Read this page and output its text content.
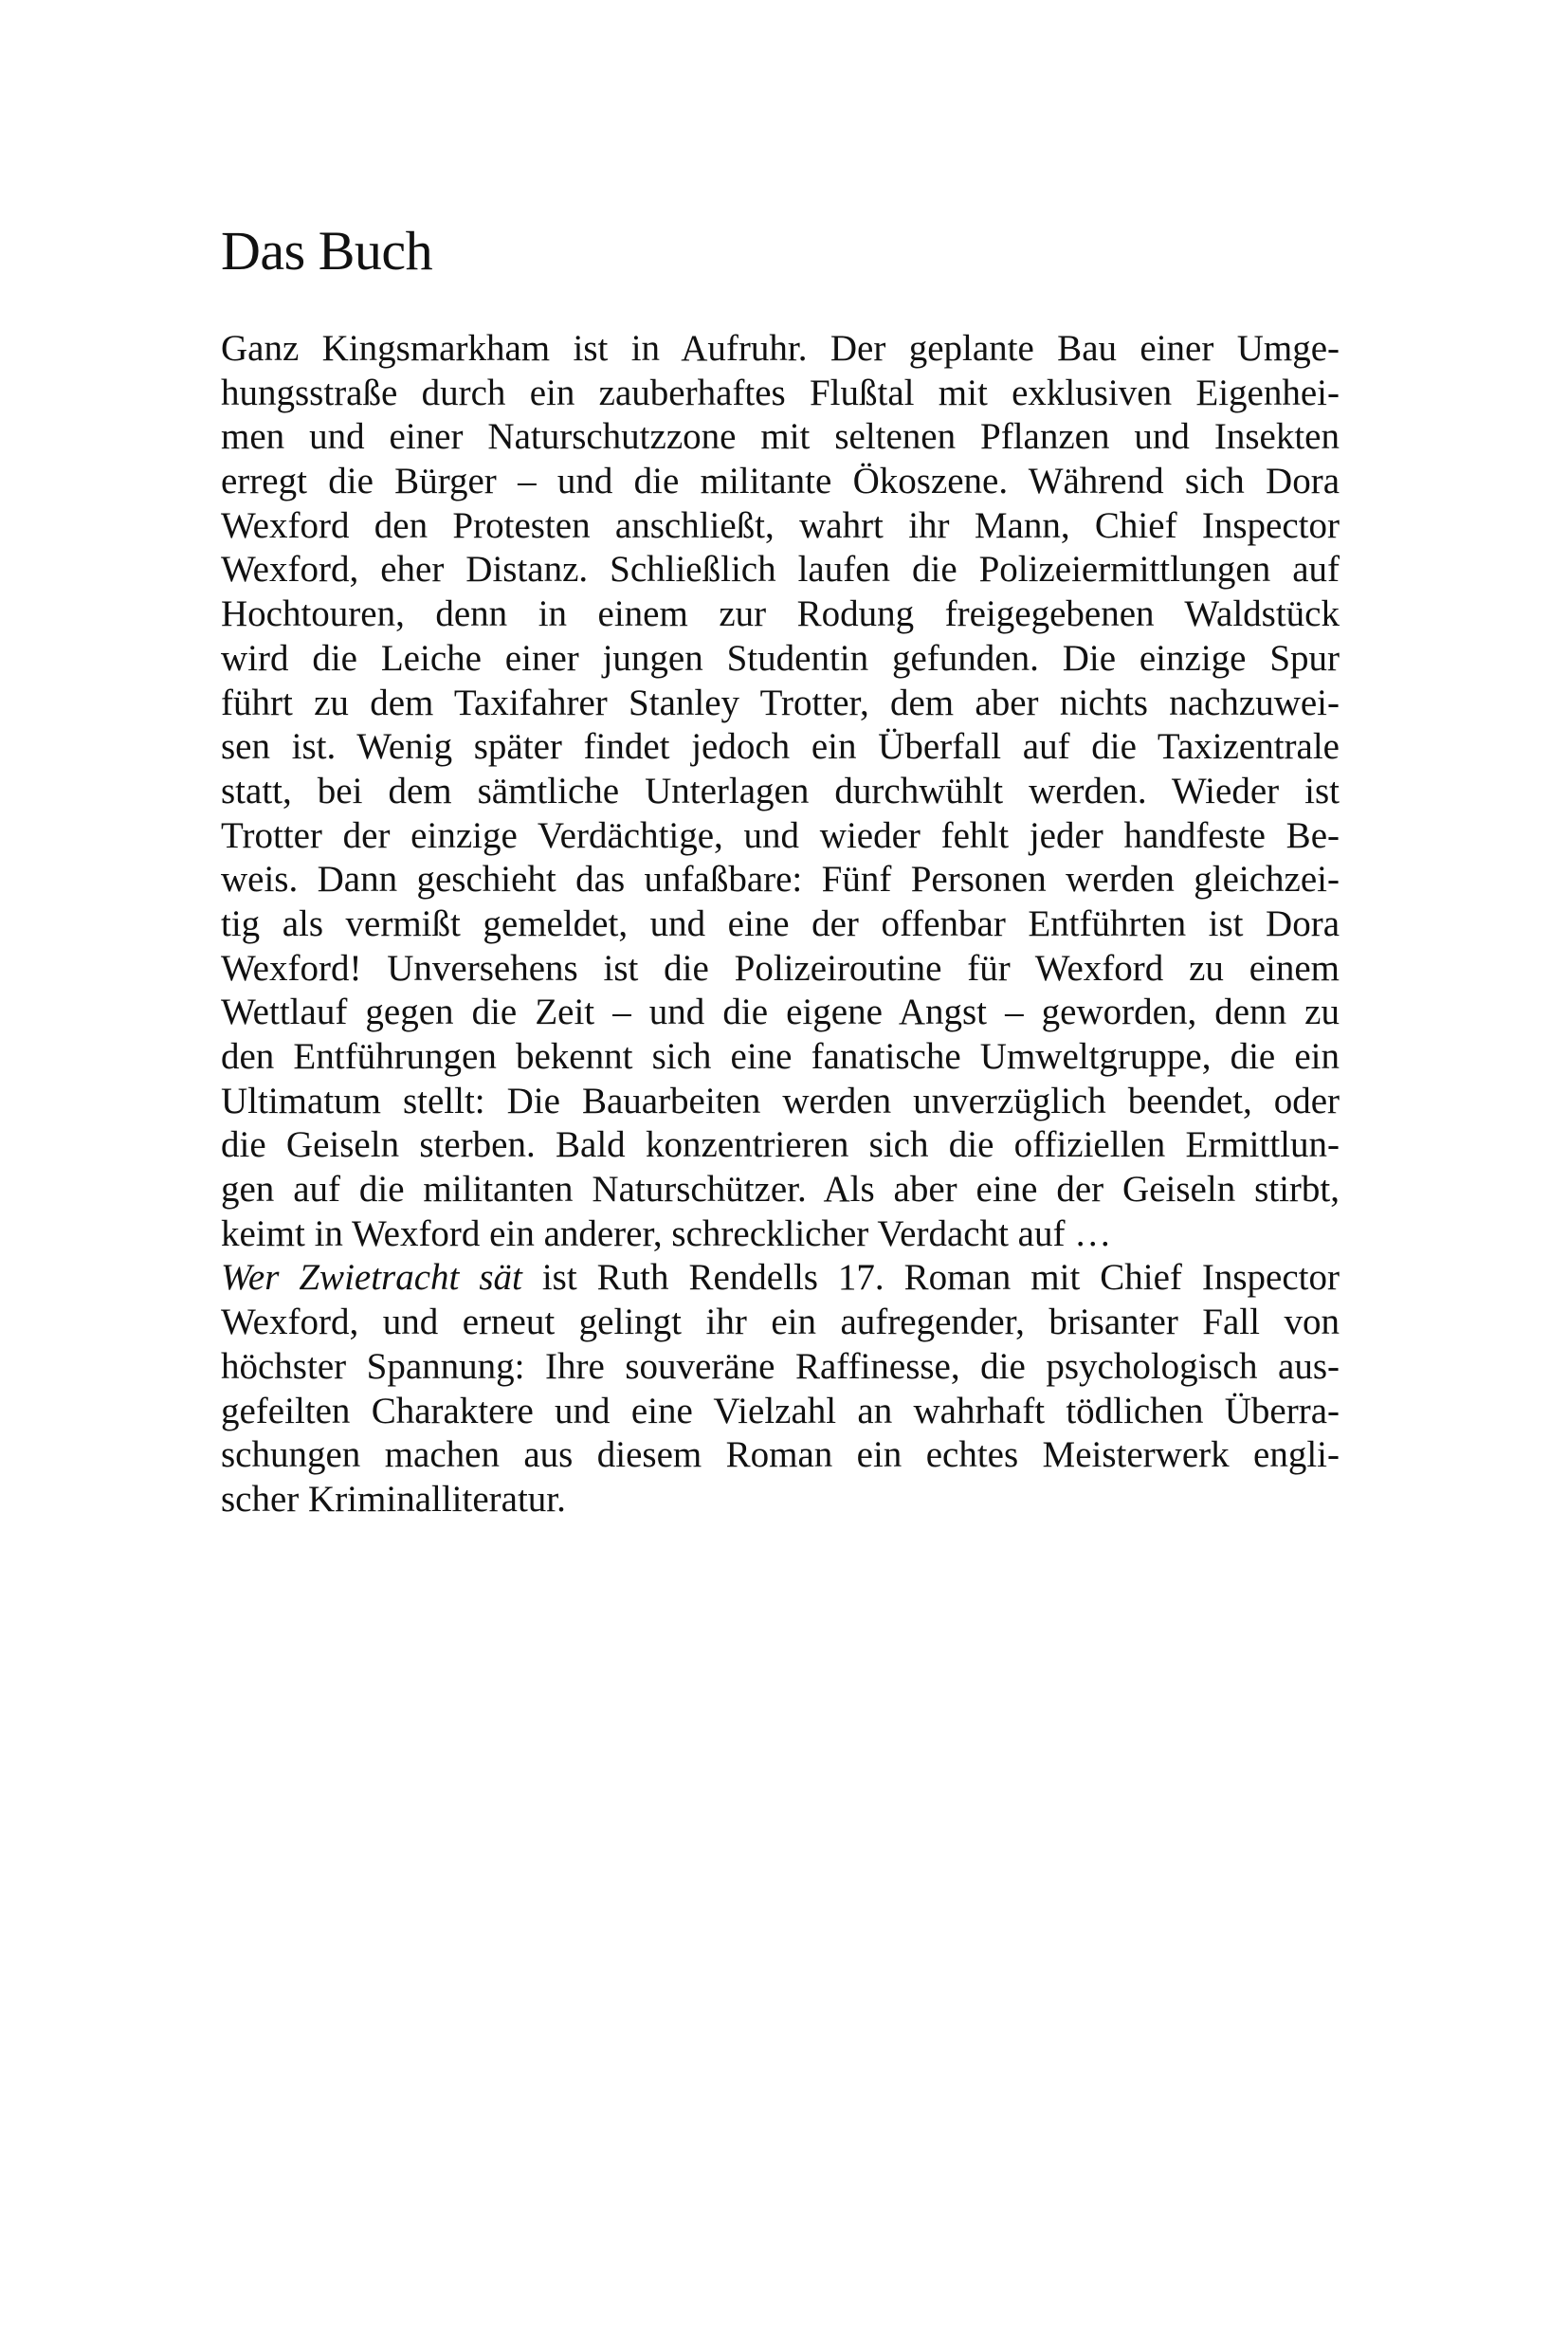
Das Buch
Ganz Kingsmarkham ist in Aufruhr. Der geplante Bau einer Umge-
hungsstraße durch ein zauberhaftes Flußtal mit exklusiven Eigenhei-
men und einer Naturschutzzone mit seltenen Pflanzen und Insekten
erregt die Bürger – und die militante Ökoszene. Während sich Dora
Wexford den Protesten anschließt, wahrt ihr Mann, Chief Inspector
Wexford, eher Distanz. Schließlich laufen die Polizeiermittlungen auf
Hochtouren, denn in einem zur Rodung freigegebenen Waldstück
wird die Leiche einer jungen Studentin gefunden. Die einzige Spur
führt zu dem Taxifahrer Stanley Trotter, dem aber nichts nachzuwei-
sen ist. Wenig später findet jedoch ein Überfall auf die Taxizentrale
statt, bei dem sämtliche Unterlagen durchwühlt werden. Wieder ist
Trotter der einzige Verdächtige, und wieder fehlt jeder handfeste Be-
weis. Dann geschieht das unfaßbare: Fünf Personen werden gleichzei-
tig als vermißt gemeldet, und eine der offenbar Entführten ist Dora
Wexford! Unversehens ist die Polizeiroutine für Wexford zu einem
Wettlauf gegen die Zeit – und die eigene Angst – geworden, denn zu
den Entführungen bekennt sich eine fanatische Umweltgruppe, die ein
Ultimatum stellt: Die Bauarbeiten werden unverzüglich beendet, oder
die Geiseln sterben. Bald konzentrieren sich die offiziellen Ermittlun-
gen auf die militanten Naturschützer. Als aber eine der Geiseln stirbt,
keimt in Wexford ein anderer, schrecklicher Verdacht auf …
Wer Zwietracht sät ist Ruth Rendells 17. Roman mit Chief Inspector
Wexford, und erneut gelingt ihr ein aufregender, brisanter Fall von
höchster Spannung: Ihre souveräne Raffinesse, die psychologisch aus-
gefeilten Charaktere und eine Vielzahl an wahrhaft tödlichen Überra-
schungen machen aus diesem Roman ein echtes Meisterwerk engli-
scher Kriminalliteratur.
